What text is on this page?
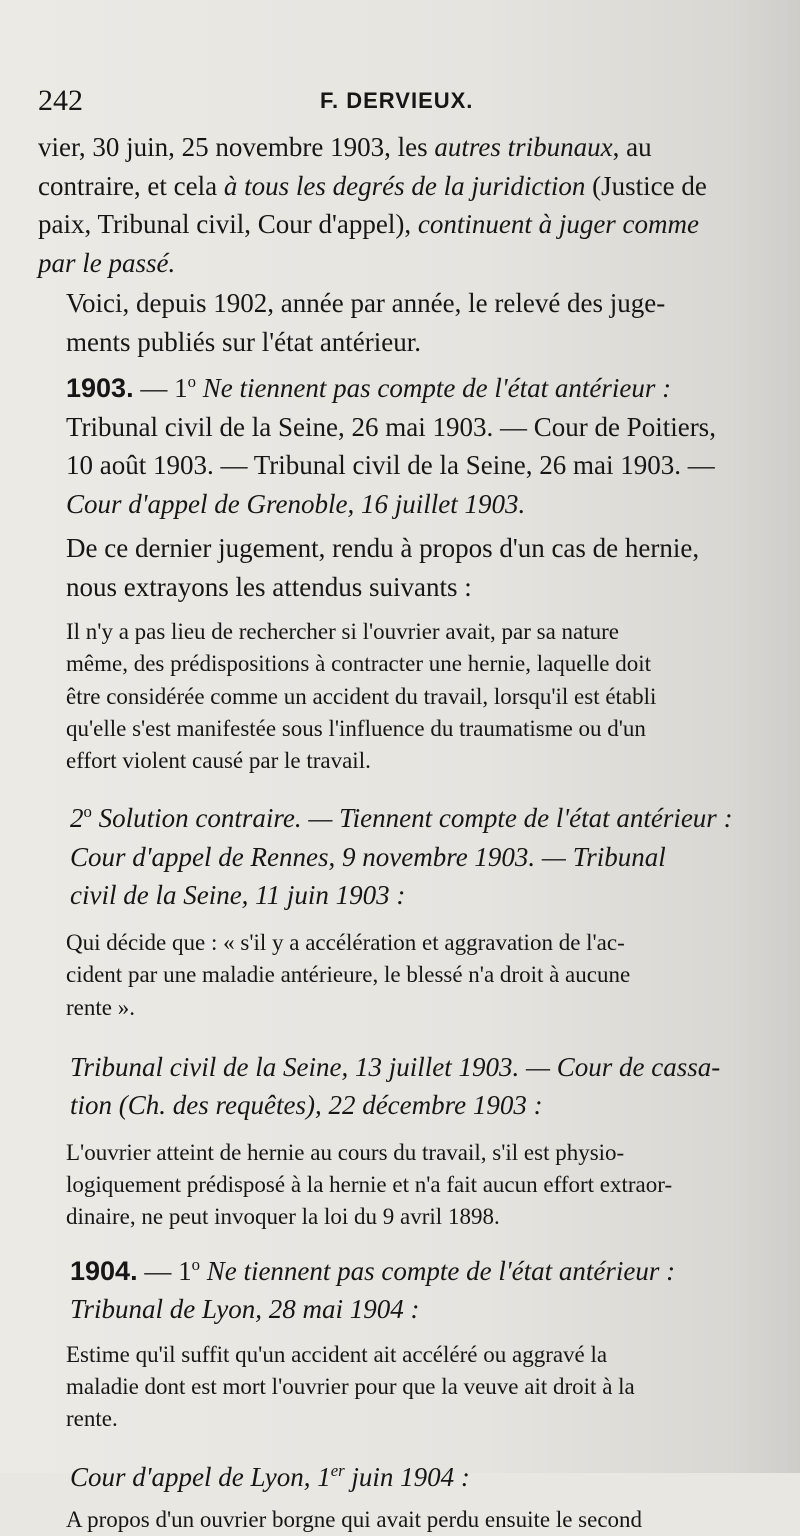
242	F. DERVIEUX.

vier, 30 juin, 25 novembre 1903, les autres tribunaux, au
contraire, et cela à tous les degrés de la juridiction (Justice de
paix, Tribunal civil, Cour d'appel), continuent à juger comme
par le passé.

Voici, depuis 1902, année par année, le relevé des juge-
ments publiés sur l'état antérieur.

1903. — 1$^o$ Ne tiennent pas compte de l'état antérieur :

Tribunal civil de la Seine, 26 mai 1903. — Cour de Poitiers,
10 août 1903. — Tribunal civil de la Seine, 26 mai 1903. —
Cour d'appel de Grenoble, 16 juillet 1903.

De ce dernier jugement, rendu à propos d'un cas de hernie,
nous extrayons les attendus suivants :

Il n'y a pas lieu de rechercher si l'ouvrier avait, par sa nature
même, des prédispositions à contracter une hernie, laquelle doit
être considérée comme un accident du travail, lorsqu'il est établi
qu'elle s'est manifestée sous l'influence du traumatisme ou d'un
effort violent causé par le travail.

2$^o$ Solution contraire. — Tiennent compte de l'état antérieur :
Cour d'appel de Rennes, 9 novembre 1903. — Tribunal
civil de la Seine, 11 juin 1903 :

Qui décide que : « s'il y a accélération et aggravation de l'ac-
cident par une maladie antérieure, le blessé n'a droit à aucune
rente ».

Tribunal civil de la Seine, 13 juillet 1903. — Cour de cassa-
tion (Ch. des requêtes), 22 décembre 1903 :

L'ouvrier atteint de hernie au cours du travail, s'il est physio-
logiquement prédisposé à la hernie et n'a fait aucun effort extraor-
dinaire, ne peut invoquer la loi du 9 avril 1898.

1904. — 1$^o$ Ne tiennent pas compte de l'état antérieur :
Tribunal de Lyon, 28 mai 1904 :

Estime qu'il suffit qu'un accident ait accéléré ou aggravé la
maladie dont est mort l'ouvrier pour que la veuve ait droit à la
rente.

Cour d'appel de Lyon, 1er juin 1904 :

A propos d'un ouvrier borgne qui avait perdu ensuite le second
